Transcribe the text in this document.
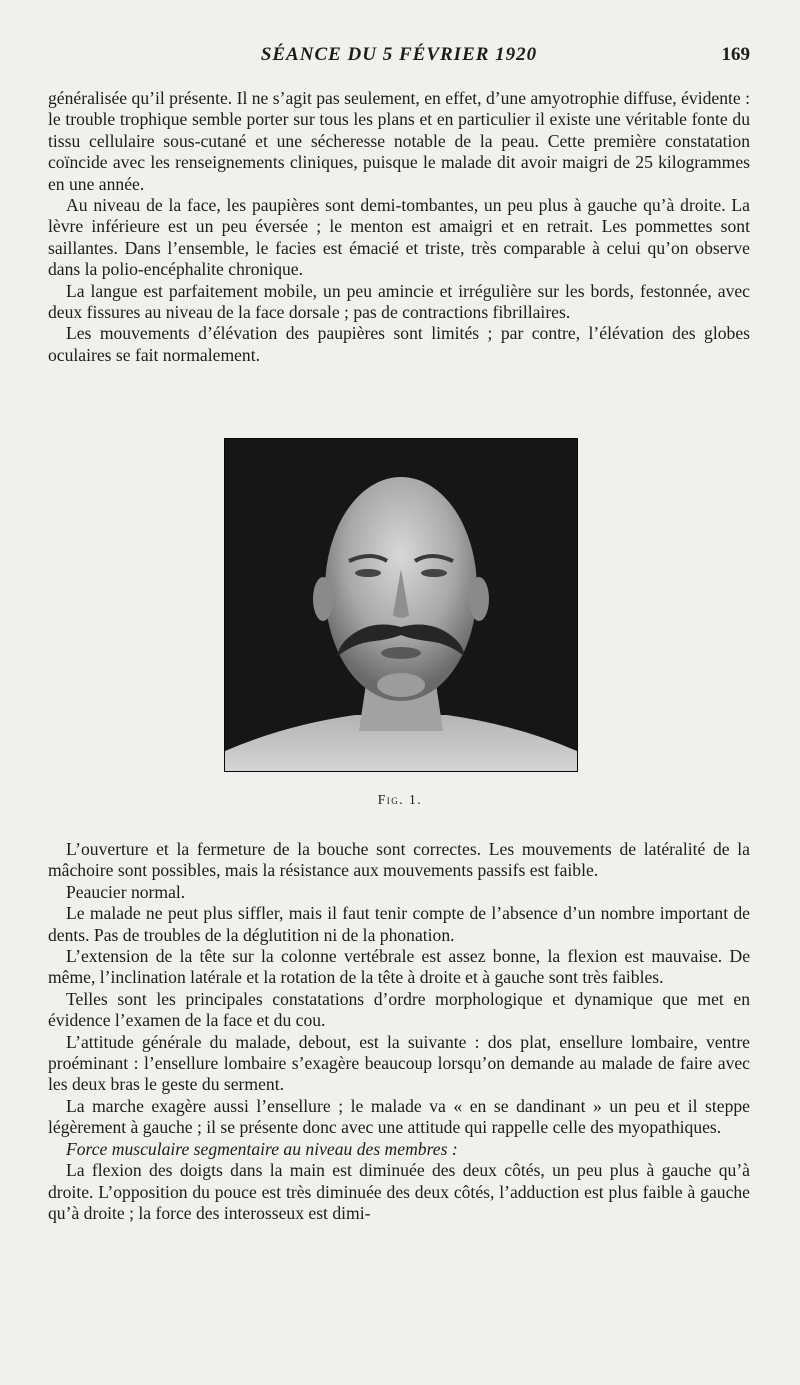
SÉANCE DU 5 FÉVRIER 1920	169

généralisée qu’il présente. Il ne s’agit pas seulement, en effet, d’une amyotrophie diffuse, évidente : le trouble trophique semble porter sur tous les plans et en particulier il existe une véritable fonte du tissu cellulaire sous-cutané et une sécheresse notable de la peau. Cette première constatation coïncide avec les renseignements cliniques, puisque le malade dit avoir maigri de 25 kilogrammes en une année.

Au niveau de la face, les paupières sont demi-tombantes, un peu plus à gauche qu’à droite. La lèvre inférieure est un peu éversée ; le menton est amaigri et en retrait. Les pommettes sont saillantes. Dans l’ensemble, le facies est émacié et triste, très comparable à celui qu’on observe dans la polio-encéphalite chronique.

La langue est parfaitement mobile, un peu amincie et irrégulière sur les bords, festonnée, avec deux fissures au niveau de la face dorsale ; pas de contractions fibrillaires.

Les mouvements d’élévation des paupières sont limités ; par contre, l’élévation des globes oculaires se fait normalement.

Fig. 1.

L’ouverture et la fermeture de la bouche sont correctes. Les mouvements de latéralité de la mâchoire sont possibles, mais la résistance aux mouvements passifs est faible.

Peaucier normal.

Le malade ne peut plus siffler, mais il faut tenir compte de l’absence d’un nombre important de dents. Pas de troubles de la déglutition ni de la phonation.

L’extension de la tête sur la colonne vertébrale est assez bonne, la flexion est mauvaise. De même, l’inclination latérale et la rotation de la tête à droite et à gauche sont très faibles.

Telles sont les principales constatations d’ordre morphologique et dynamique que met en évidence l’examen de la face et du cou.

L’attitude générale du malade, debout, est la suivante : dos plat, ensellure lombaire, ventre proéminant : l’ensellure lombaire s’exagère beaucoup lorsqu’on demande au malade de faire avec les deux bras le geste du serment.

La marche exagère aussi l’ensellure ; le malade va « en se dandinant » un peu et il steppe légèrement à gauche ; il se présente donc avec une attitude qui rappelle celle des myopathiques.

Force musculaire segmentaire au niveau des membres :

La flexion des doigts dans la main est diminuée des deux côtés, un peu plus à gauche qu’à droite. L’opposition du pouce est très diminuée des deux côtés, l’adduction est plus faible à gauche qu’à droite ; la force des interosseux est dimi-
